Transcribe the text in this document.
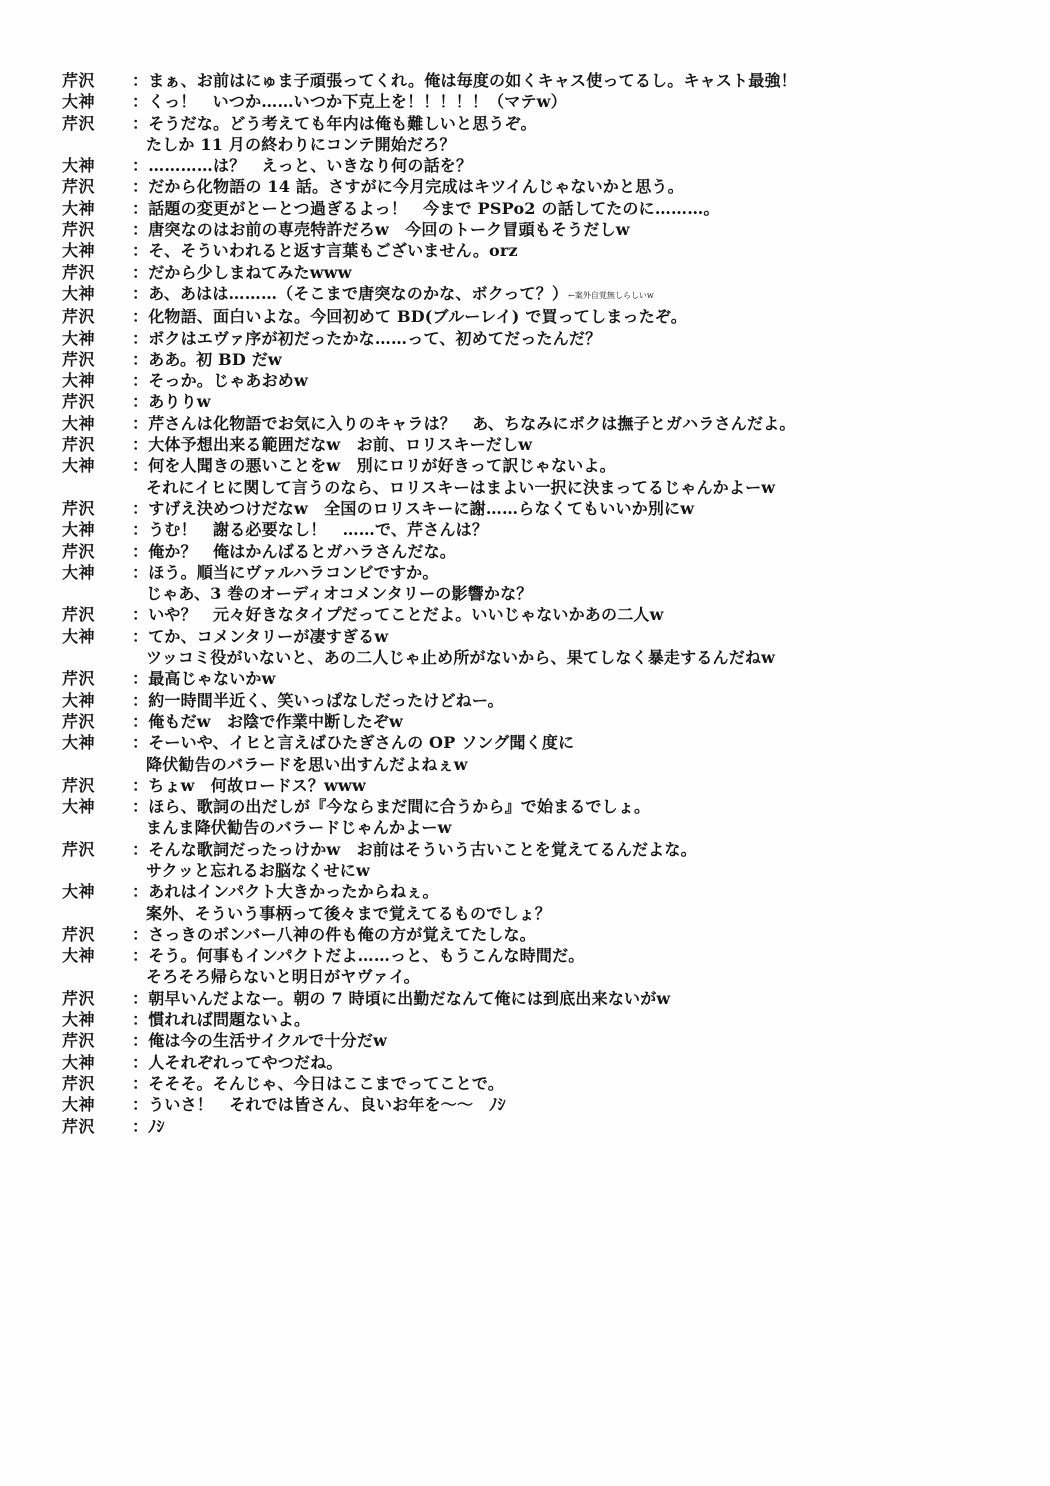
芹沢	：まぁ、お前はにゅま子頑張ってくれ。俺は毎度の如くキャス使ってるし。キャスト最強！
大神	：くっ！　いつか……いつか下克上を！！！！！（マテw）
芹沢	：そうだな。どう考えても年内は俺も難しいと思うぞ。
たしか 11 月の終わりにコンテ開始だろ？
大神	：…………は？　えっと、いきなり何の話を？
芹沢	：だから化物語の 14 話。さすがに今月完成はキツイんじゃないかと思う。
大神	：話題の変更がとーとつ過ぎるよっ！　今まで PSPo2 の話してたのに………。
芹沢	：唐突なのはお前の専売特許だろw　今回のトーク冒頭もそうだしw
大神	：そ、そういわれると返す言葉もございません。orz
芹沢	：だから少しまねてみたwww
大神	：あ、あはは………（そこまで唐突なのかな、ボクって？）←案外自覚無しらしいw
芹沢	：化物語、面白いよな。今回初めて BD(ブルーレイ) で買ってしまったぞ。
大神	：ボクはエヴァ序が初だったかな……って、初めてだったんだ？
芹沢	：ああ。初 BD だw
大神	：そっか。じゃあおめw
芹沢	：ありりw
大神	：芹さんは化物語でお気に入りのキャラは？　あ、ちなみにボクは撫子とガハラさんだよ。
芹沢	：大体予想出来る範囲だなw　お前、ロリスキーだしw
大神	：何を人聞きの悪いことをw　別にロリが好きって訳じゃないよ。
それにイヒに関して言うのなら、ロリスキーはまよい一択に決まってるじゃんかよーw
芹沢	：すげえ決めつけだなw　全国のロリスキーに謝……らなくてもいいか別にw
大神	：うむ！　謝る必要なし！　……で、芹さんは？
芹沢	：俺か？　俺はかんばるとガハラさんだな。
大神	：ほう。順当にヴァルハラコンビですか。
じゃあ、3 巻のオーディオコメンタリーの影響かな？
芹沢	：いや？　元々好きなタイプだってことだよ。いいじゃないかあの二人w
大神	：てか、コメンタリーが凄すぎるw
ツッコミ役がいないと、あの二人じゃ止め所がないから、果てしなく暴走するんだねw
芹沢	：最高じゃないかw
大神	：約一時間半近く、笑いっぱなしだったけどねー。
芹沢	：俺もだw　お陰で作業中断したぞw
大神	：そーいや、イヒと言えばひたぎさんの OP ソング聞く度に
降伏勧告のバラードを思い出すんだよねぇw
芹沢	：ちょw　何故ロードス？www
大神	：ほら、歌詞の出だしが『今ならまだ間に合うから』で始まるでしょ。
まんま降伏勧告のバラードじゃんかよーw
芹沢	：そんな歌詞だったっけかw　お前はそういう古いことを覚えてるんだよな。
サクッと忘れるお脳なくせにw
大神	：あれはインパクト大きかったからねぇ。
案外、そういう事柄って後々まで覚えてるものでしょ？
芹沢	：さっきのボンバー八神の件も俺の方が覚えてたしな。
大神	：そう。何事もインパクトだよ……っと、もうこんな時間だ。
そろそろ帰らないと明日がヤヴァイ。
芹沢	：朝早いんだよなー。朝の 7 時頃に出勤だなんて俺には到底出来ないがw
大神	：慣れれば問題ないよ。
芹沢	：俺は今の生活サイクルで十分だw
大神	：人それぞれってやつだね。
芹沢	：そそそ。そんじゃ、今日はここまでってことで。
大神	：ういさ！　それでは皆さん、良いお年を～～　ﾉｼ
芹沢	：ﾉｼ
